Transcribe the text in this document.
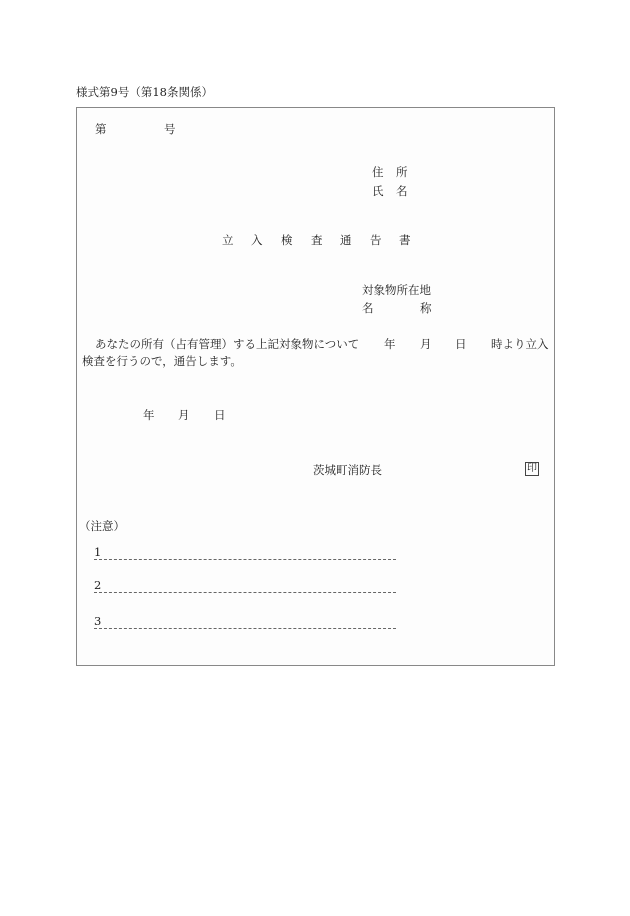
様式第9号（第18条関係）
第	号
住 所
氏 名
立 入 検 査 通 告 書
対象物所在地
名	称
あなたの所有（占有管理）する上記対象物について 年 月 日 時より立入
検査を行うので，通告します。
年 月 日
茨城町消防長	印
（注意）
1
2
3
